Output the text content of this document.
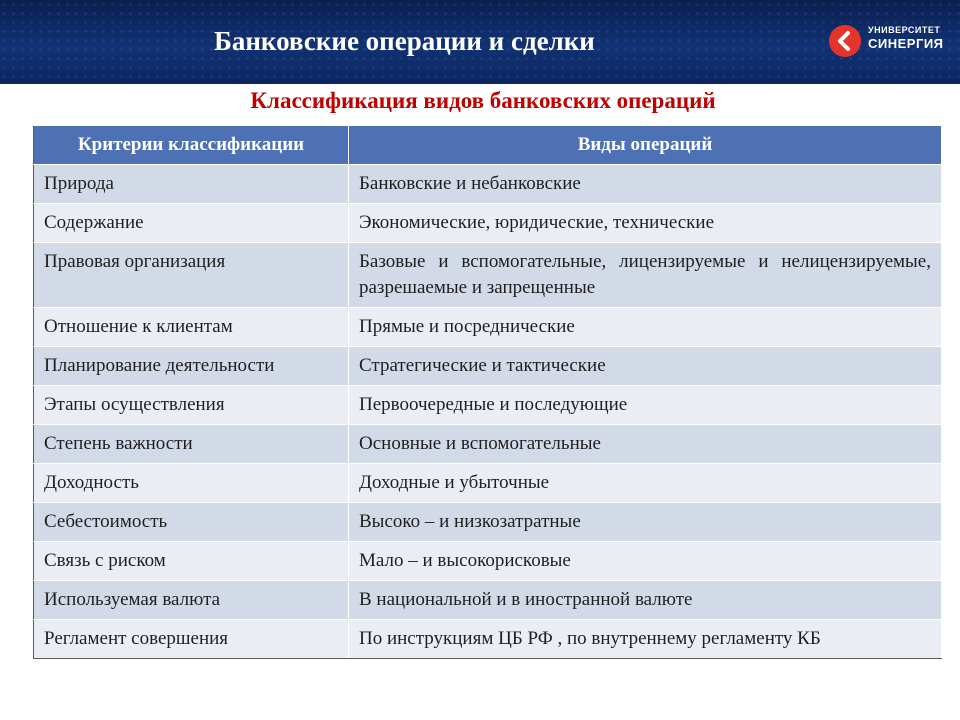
Банковские операции и сделки	УНИВЕРСИТЕТ
СИНЕРГИЯ
Классификация видов банковских операций
Критерии классификации	Виды операций
Природа	Банковские и небанковские
Содержание	Экономические, юридические, технические
Правовая организация	Базовые и вспомогательные, лицензируемые и нелицензируемые, разрешаемые и запрещенные
Отношение к клиентам	Прямые и посреднические
Планирование деятельности	Стратегические и тактические
Этапы осуществления	Первоочередные и последующие
Степень важности	Основные и вспомогательные
Доходность	Доходные и убыточные
Себестоимость	Высоко – и низкозатратные
Связь с риском	Мало – и высокорисковые
Используемая валюта	В национальной и в иностранной валюте
Регламент совершения	По инструкциям ЦБ РФ , по внутреннему регламенту КБ
